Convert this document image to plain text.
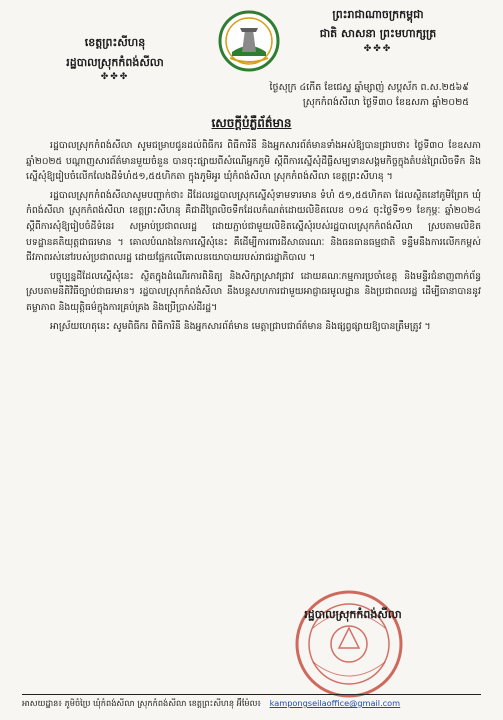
ព្រះរាជាណាចក្រកម្ពុជា
ជាតិ សាសនា ព្រះមហាក្សត្រ
✤✤✤
ខេត្តព្រះសីហនុ
រដ្ឋបាលស្រុកកំពង់សីលា
✤✤✤
ថ្ងៃសុក្រ ៤កើត ខែជេស្ឋ ឆ្នាំម្សាញ់ សប្តស័ក ព.ស.២៥៦៩
ស្រុកកំពង់សីលា ថ្ងៃទី៣០ ខែឧសភា ឆ្នាំ២០២៥
សេចក្តីបំភ្លឺព័ត៌មាន

រដ្ឋបាលស្រុកកំពង់សីលា សូមជម្រាបជូនដល់ពិធីករ ពិធីការិនី និងអ្នកសារព័ត៌មានទាំងអស់ឱ្យបានជ្រាបថា៖ ថ្ងៃទី៣០ ខែឧសភា ឆ្នាំ២០២៥ បណ្តាញសារព័ត៌មានមួយចំនួន បានចុះផ្សាយពីសំណើអ្នកភូមិ ស្តីពីការស្នើសុំដីធ្លីសម្បទានសង្គមកិច្ចក្នុងតំបន់ព្រៃលិចទឹក និងស្នើសុំឱ្យរៀបចំលើកលែងដីទំហំ៥១,៥៥ហិកតា ក្នុងភូមិអូរ ឃុំកំពង់សីលា ស្រុកកំពង់សីលា ខេត្តព្រះសីហនុ ។

រដ្ឋបាលស្រុកកំពង់សីលាសូមបញ្ជាក់ថា៖ ដីដែលរដ្ឋបាលស្រុកស្នើសុំទាមទារមាន ទំហំ ៥១,៥៥ហិកតា ដែលស្ថិតនៅភូមិព្រែក ឃុំកំពង់សីលា ស្រុកកំពង់សីលា ខេត្តព្រះសីហនុ គឺជាដីព្រៃលិចទឹកដែលកំណត់ដោយលិខិតលេខ ០១៤ ចុះថ្ងៃទី១១ ខែកុម្ភៈ ឆ្នាំ២០២៤ ស្តីពីការសុំឱ្យរៀបចំដីទំនេរ សម្រាប់ប្រជាពលរដ្ឋ ដោយភ្ជាប់ជាមួយលិខិតស្នើសុំរបស់រដ្ឋបាលស្រុកកំពង់សីលា ស្របតាមលិខិតបទដ្ឋានគតិយុត្តជាធរមាន ។ គោលបំណងនៃការស្នើសុំនេះ គឺដើម្បីការពារដីសាធារណៈ និងធនធានធម្មជាតិ ទន្ទឹមនឹងការលើកកម្ពស់ជីវភាពរស់នៅរបស់ប្រជាពលរដ្ឋ ដោយផ្អែកលើគោលនយោបាយរបស់រាជរដ្ឋាភិបាល ។

បច្ចុប្បន្នដីដែលស្នើសុំនេះ ស្ថិតក្នុងដំណើរការពិនិត្យ និងសិក្សាស្រាវជ្រាវ ដោយគណៈកម្មការប្រចាំខេត្ត និងមន្ទីរជំនាញពាក់ព័ន្ធ ស្របតាមនីតិវិធីច្បាប់ជាធរមាន។ រដ្ឋបាលស្រុកកំពង់សីលា នឹងបន្តសហការជាមួយអាជ្ញាធរមូលដ្ឋាន និងប្រជាពលរដ្ឋ ដើម្បីធានាបាននូវតម្លាភាព និងយុត្តិធម៌ក្នុងការគ្រប់គ្រង និងប្រើប្រាស់ដីរដ្ឋ។

អាស្រ័យហេតុនេះ សូមពិធីករ ពិធីការិនី និងអ្នកសារព័ត៌មាន មេត្តាជ្រាបជាព័ត៌មាន និងផ្សព្វផ្សាយឱ្យបានត្រឹមត្រូវ ។

រដ្ឋបាលស្រុកកំពង់សីលា
អាសយដ្ឋាន៖ ភូមិចំប្រៃ ឃុំកំពង់សីលា ស្រុកកំពង់សីលា ខេត្តព្រះសីហនុ អ៊ីម៉ែល៖ kampongseilaoffice@gmail.com
